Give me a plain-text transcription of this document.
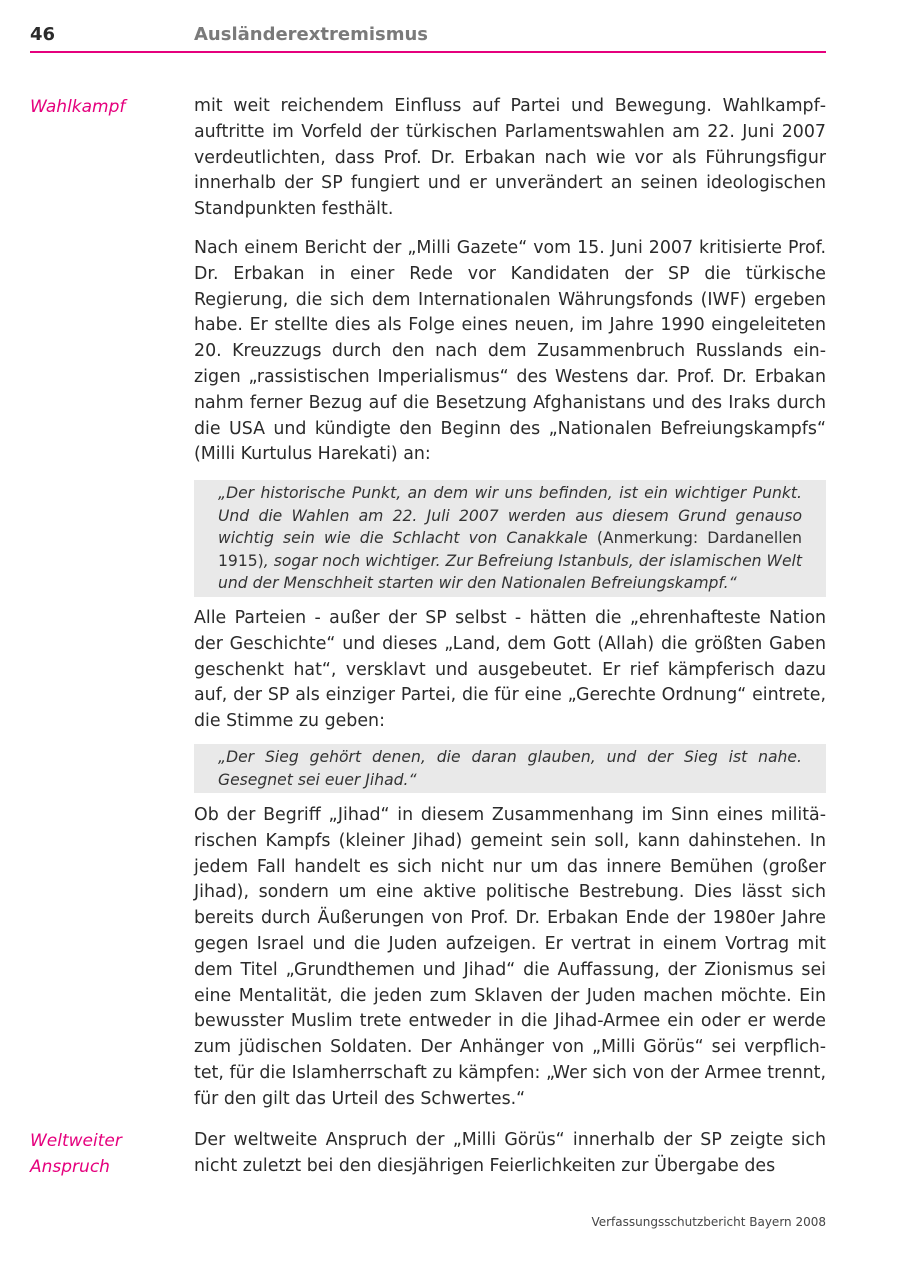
46	Ausländerextremismus
Wahlkampf
Weltweiter
Anspruch
mit weit reichendem Einfluss auf Partei und Bewegung. Wahlkampfauftritte im Vorfeld der türkischen Parlamentswahlen am 22. Juni 2007 verdeutlichten, dass Prof. Dr. Erbakan nach wie vor als Führungsfigur innerhalb der SP fungiert und er unverändert an seinen ideologischen Standpunkten festhält.
Nach einem Bericht der „Milli Gazete“ vom 15. Juni 2007 kritisierte Prof. Dr. Erbakan in einer Rede vor Kandidaten der SP die türkische Regierung, die sich dem Internationalen Währungsfonds (IWF) ergeben habe. Er stellte dies als Folge eines neuen, im Jahre 1990 eingeleiteten 20. Kreuzzugs durch den nach dem Zusammenbruch Russlands einzigen „rassistischen Imperialismus“ des Westens dar. Prof. Dr. Erbakan nahm ferner Bezug auf die Besetzung Afghanistans und des Iraks durch die USA und kündigte den Beginn des „Nationalen Befreiungskampfs“ (Milli Kurtulus Harekati) an:
„Der historische Punkt, an dem wir uns befinden, ist ein wichtiger Punkt. Und die Wahlen am 22. Juli 2007 werden aus diesem Grund genauso wichtig sein wie die Schlacht von Canakkale (Anmerkung: Dardanellen 1915), sogar noch wichtiger. Zur Befreiung Istanbuls, der islamischen Welt und der Menschheit starten wir den Nationalen Befreiungskampf.“
Alle Parteien - außer der SP selbst - hätten die „ehrenhafteste Nation der Geschichte“ und dieses „Land, dem Gott (Allah) die größten Gaben geschenkt hat“, versklavt und ausgebeutet. Er rief kämpferisch dazu auf, der SP als einziger Partei, die für eine „Gerechte Ordnung“ eintrete, die Stimme zu geben:
„Der Sieg gehört denen, die daran glauben, und der Sieg ist nahe. Gesegnet sei euer Jihad.“
Ob der Begriff „Jihad“ in diesem Zusammenhang im Sinn eines militärischen Kampfs (kleiner Jihad) gemeint sein soll, kann dahinstehen. In jedem Fall handelt es sich nicht nur um das innere Bemühen (großer Jihad), sondern um eine aktive politische Bestrebung. Dies lässt sich bereits durch Äußerungen von Prof. Dr. Erbakan Ende der 1980er Jahre gegen Israel und die Juden aufzeigen. Er vertrat in einem Vortrag mit dem Titel „Grundthemen und Jihad“ die Auffassung, der Zionismus sei eine Mentalität, die jeden zum Sklaven der Juden machen möchte. Ein bewusster Muslim trete entweder in die Jihad-Armee ein oder er werde zum jüdischen Soldaten. Der Anhänger von „Milli Görüs“ sei verpflichtet, für die Islamherrschaft zu kämpfen: „Wer sich von der Armee trennt, für den gilt das Urteil des Schwertes.“
Der weltweite Anspruch der „Milli Görüs“ innerhalb der SP zeigte sich nicht zuletzt bei den diesjährigen Feierlichkeiten zur Übergabe des
Verfassungsschutzbericht Bayern 2008
